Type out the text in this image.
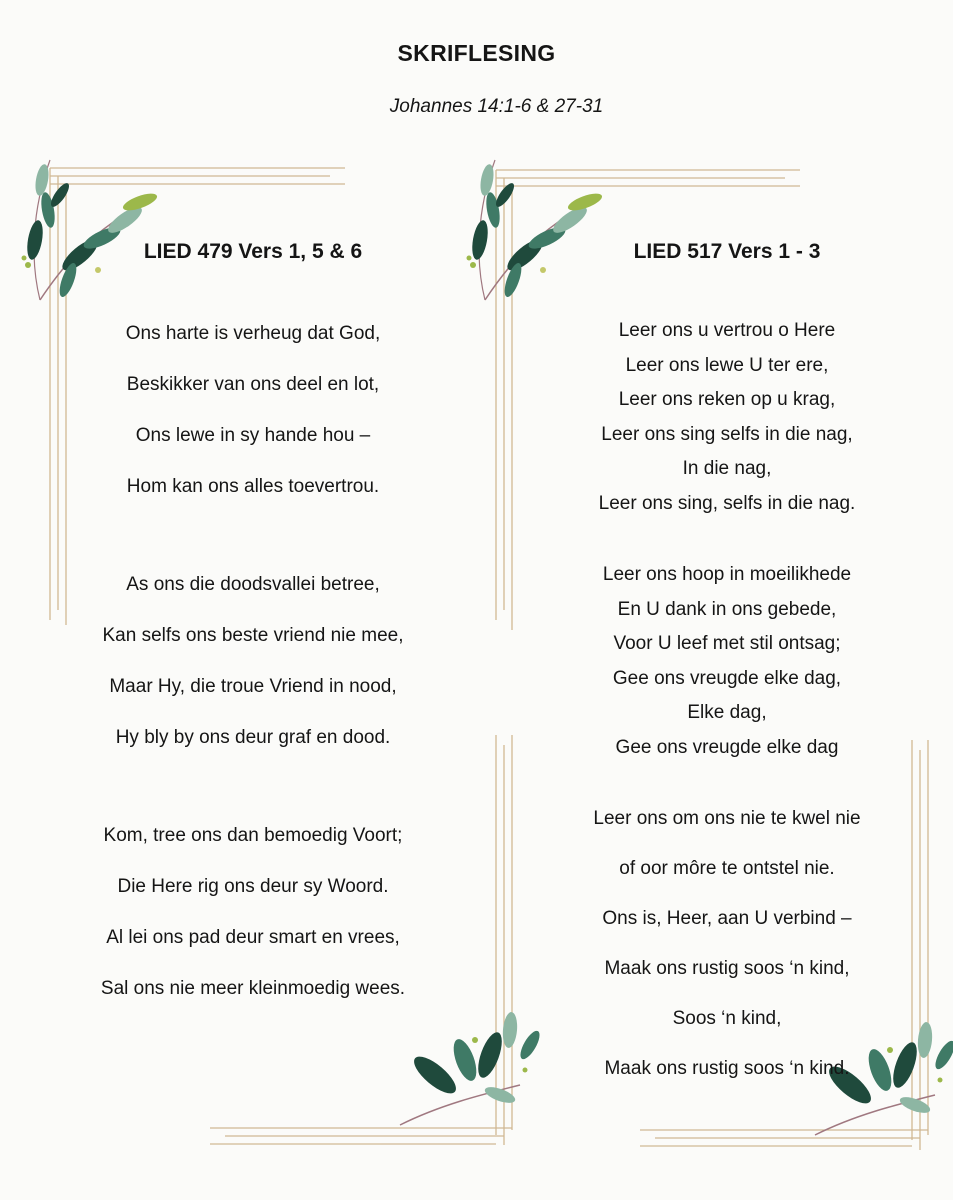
SKRIFLESING
Johannes 14:1-6 & 27-31
LIED 479 Vers 1, 5 & 6	LIED 517 Vers 1 - 3
Ons harte is verheug dat God,
Beskikker van ons deel en lot,
Ons lewe in sy hande hou –
Hom kan ons alles toevertrou.
As ons die doodsvallei betree,
Kan selfs ons beste vriend nie mee,
Maar Hy, die troue Vriend in nood,
Hy bly by ons deur graf en dood.
Kom, tree ons dan bemoedig Voort;
Die Here rig ons deur sy Woord.
Al lei ons pad deur smart en vrees,
Sal ons nie meer kleinmoedig wees.
Leer ons u vertrou o Here
Leer ons lewe U ter ere,
Leer ons reken op u krag,
Leer ons sing selfs in die nag,
In die nag,
Leer ons sing, selfs in die nag.
Leer ons hoop in moeilikhede
En U dank in ons gebede,
Voor U leef met stil ontsag;
Gee ons vreugde elke dag,
Elke dag,
Gee ons vreugde elke dag
Leer ons om ons nie te kwel nie
of oor môre te ontstel nie.
Ons is, Heer, aan U verbind –
Maak ons rustig soos ‘n kind,
Soos ‘n kind,
Maak ons rustig soos ‘n kind.
